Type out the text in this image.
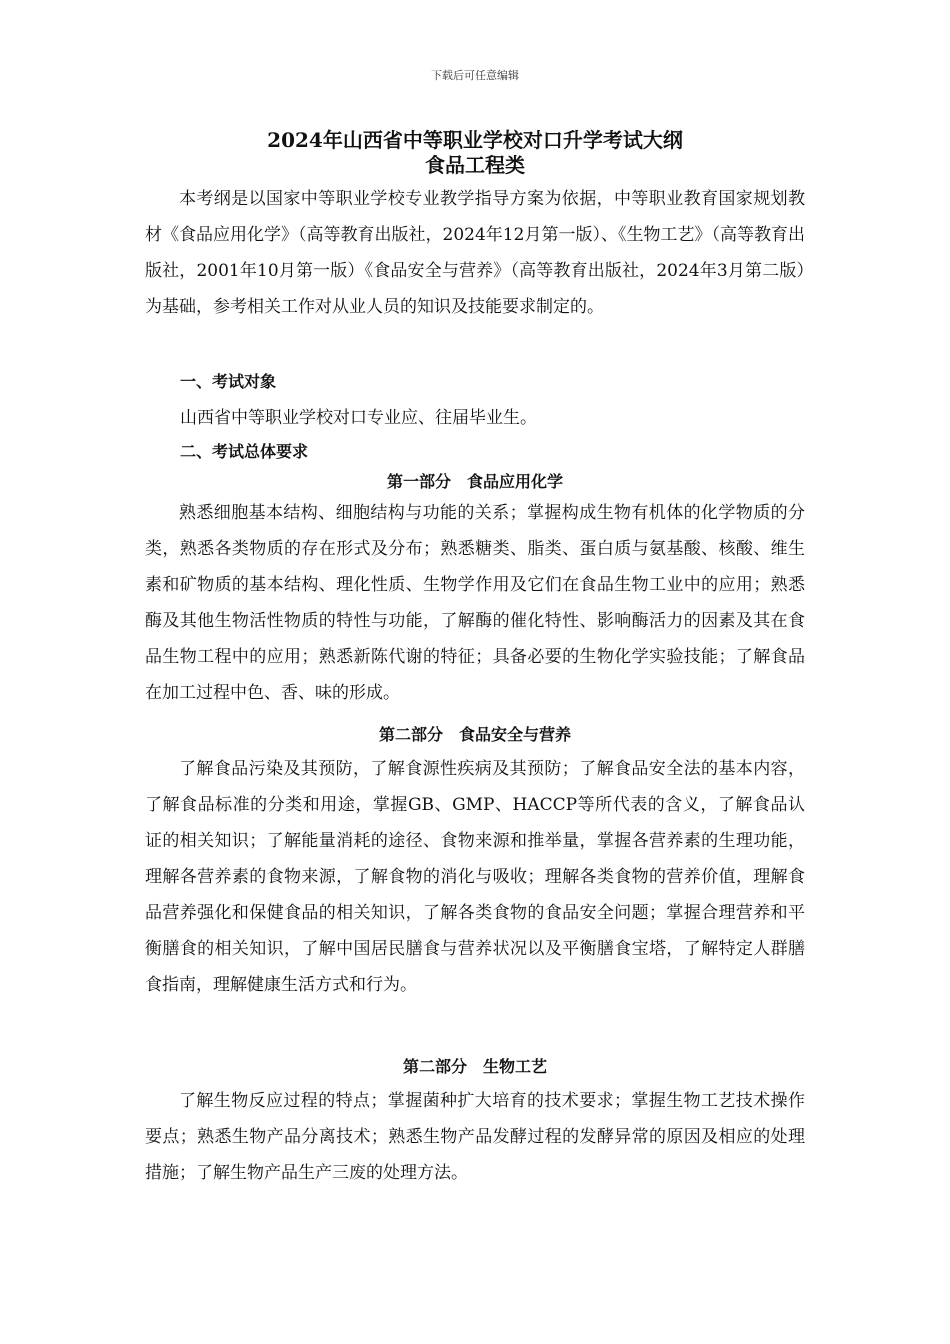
下载后可任意编辑
2024年山西省中等职业学校对口升学考试大纲
食品工程类

本考纲是以国家中等职业学校专业教学指导方案为依据，中等职业教育国家规划教材《食品应用化学》（高等教育出版社，2024年12月第一版）、《生物工艺》（高等教育出版社，2001年10月第一版）《食品安全与营养》（高等教育出版社，2024年3月第二版）为基础，参考相关工作对从业人员的知识及技能要求制定的。

一、考试对象
山西省中等职业学校对口专业应、往届毕业生。
二、考试总体要求
第一部分　食品应用化学

熟悉细胞基本结构、细胞结构与功能的关系；掌握构成生物有机体的化学物质的分类，熟悉各类物质的存在形式及分布；熟悉糖类、脂类、蛋白质与氨基酸、核酸、维生素和矿物质的基本结构、理化性质、生物学作用及它们在食品生物工业中的应用；熟悉酶及其他生物活性物质的特性与功能，了解酶的催化特性、影响酶活力的因素及其在食品生物工程中的应用；熟悉新陈代谢的特征；具备必要的生物化学实验技能；了解食品在加工过程中色、香、味的形成。

第二部分　食品安全与营养

了解食品污染及其预防，了解食源性疾病及其预防；了解食品安全法的基本内容，了解食品标准的分类和用途，掌握GB、GMP、HACCP等所代表的含义，了解食品认证的相关知识；了解能量消耗的途径、食物来源和推举量，掌握各营养素的生理功能，理解各营养素的食物来源，了解食物的消化与吸收；理解各类食物的营养价值，理解食品营养强化和保健食品的相关知识，了解各类食物的食品安全问题；掌握合理营养和平衡膳食的相关知识，了解中国居民膳食与营养状况以及平衡膳食宝塔，了解特定人群膳食指南，理解健康生活方式和行为。

第二部分　生物工艺

了解生物反应过程的特点；掌握菌种扩大培育的技术要求；掌握生物工艺技术操作要点；熟悉生物产品分离技术；熟悉生物产品发酵过程的发酵异常的原因及相应的处理措施；了解生物产品生产三废的处理方法。
